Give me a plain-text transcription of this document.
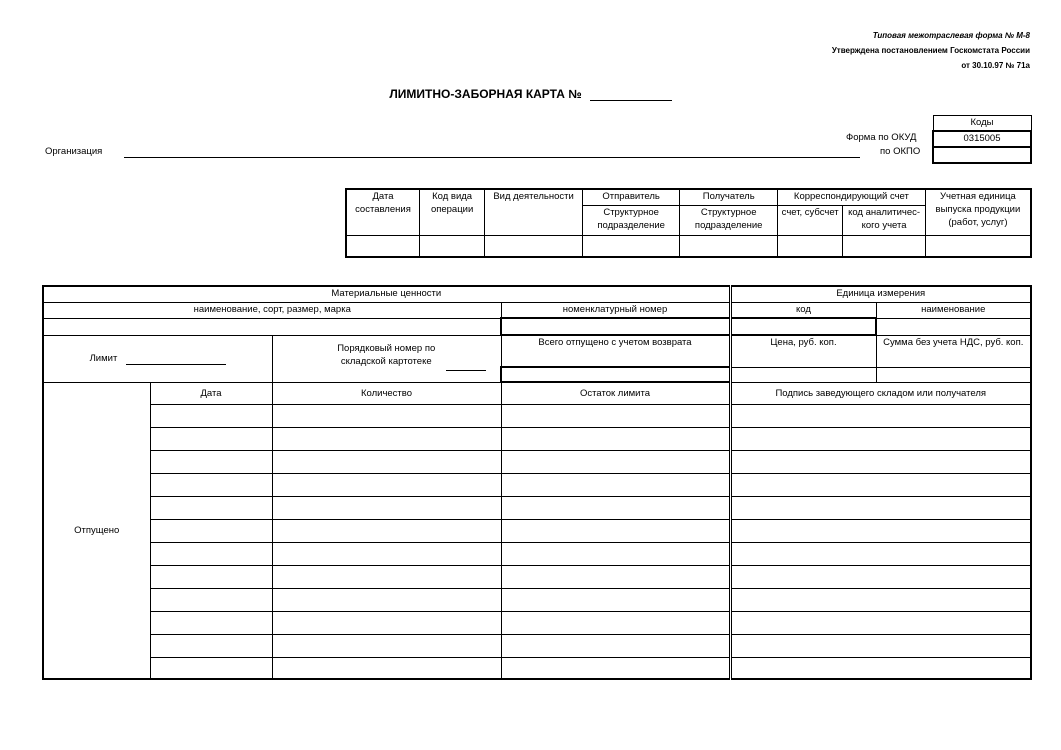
Типовая межотраслевая форма № М-8
Утверждена постановлением Госкомстата России
от 30.10.97 № 71а
ЛИМИТНО-ЗАБОРНАЯ КАРТА №
Форма по ОКУД
по ОКПО
Коды
0315005

Организация
Дата составления	Код вида операции	Вид деятельности	Отправитель	Получатель	Корреспондирующий счет		Учетная единица выпуска продукции (работ, услуг)
			Структурное подразделение	Структурное подразделение	счет, субсчет	код аналитичес-кого учета	

Материальные ценности				Единица измерения	
наименование, сорт, размер, марка			номенклатурный номер	код	наименование

Лимит		Порядковый номер по складской картотеке	Всего отпущено с учетом возврата	Цена, руб. коп.	Сумма без учета НДС, руб. коп.

Отпущено	Дата	Количество	Остаток лимита	Подпись заведующего складом или получателя	
